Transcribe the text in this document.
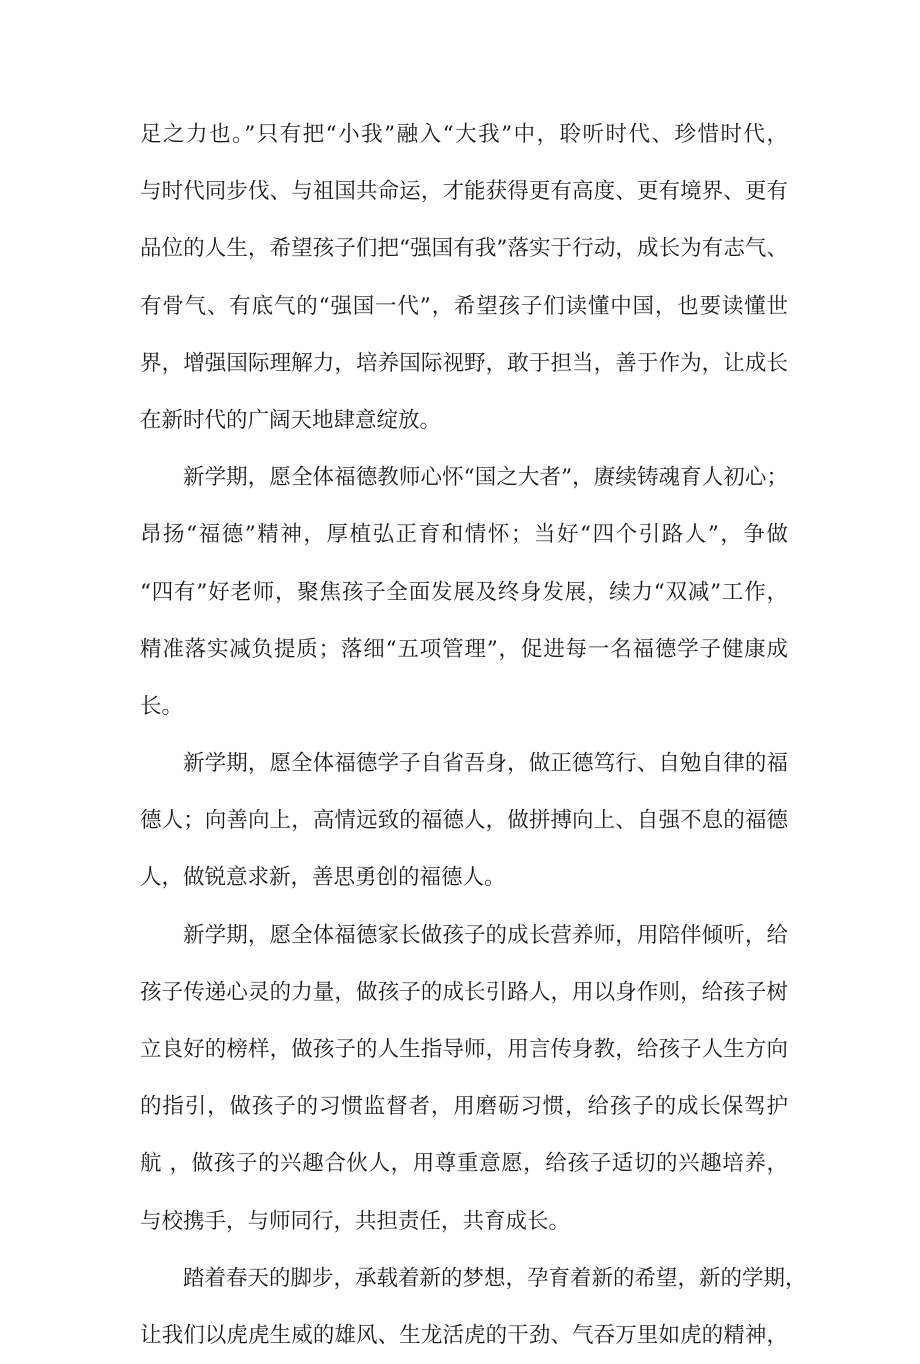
足之力也。”只有把“小我”融入“大我”中，聆听时代、珍惜时代，
与时代同步伐、与祖国共命运，才能获得更有高度、更有境界、更有
品位的人生，希望孩子们把“强国有我”落实于行动，成长为有志气、
有骨气、有底气的“强国一代”，希望孩子们读懂中国，也要读懂世
界，增强国际理解力，培养国际视野，敢于担当，善于作为，让成长
在新时代的广阔天地肆意绽放。
新学期，愿全体福德教师心怀“国之大者”，赓续铸魂育人初心；
昂扬“福德”精神，厚植弘正育和情怀；当好“四个引路人”，争做
“四有”好老师，聚焦孩子全面发展及终身发展，续力“双减”工作，
精准落实减负提质；落细“五项管理”，促进每一名福德学子健康成
长。
新学期，愿全体福德学子自省吾身，做正德笃行、自勉自律的福
德人；向善向上，高情远致的福德人，做拼搏向上、自强不息的福德
人，做锐意求新，善思勇创的福德人。
新学期，愿全体福德家长做孩子的成长营养师，用陪伴倾听，给
孩子传递心灵的力量，做孩子的成长引路人，用以身作则，给孩子树
立良好的榜样，做孩子的人生指导师，用言传身教，给孩子人生方向
的指引，做孩子的习惯监督者，用磨砺习惯，给孩子的成长保驾护
航 ，做孩子的兴趣合伙人，用尊重意愿，给孩子适切的兴趣培养，
与校携手，与师同行，共担责任，共育成长。
踏着春天的脚步，承载着新的梦想，孕育着新的希望，新的学期，
让我们以虎虎生威的雄风、生龙活虎的干劲、气吞万里如虎的精神，
